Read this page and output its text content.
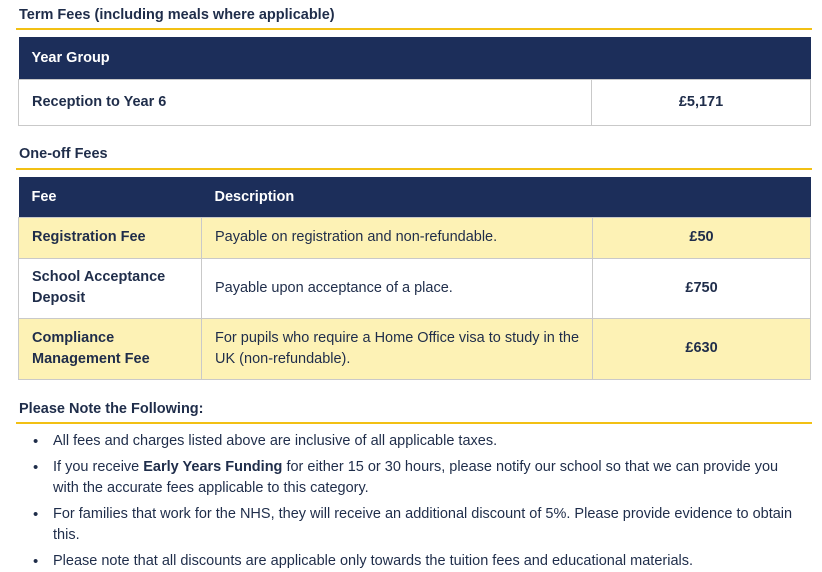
Term Fees (including meals where applicable)
Year Group
Reception to Year 6	£5,171
One-off Fees
Fee	Description	
Registration Fee	Payable on registration and non-refundable.	£50
School Acceptance Deposit	Payable upon acceptance of a place.	£750
Compliance Management Fee	For pupils who require a Home Office visa to study in the UK (non-refundable).	£630
Please Note the Following:
• All fees and charges listed above are inclusive of all applicable taxes.
• If you receive Early Years Funding for either 15 or 30 hours, please notify our school so that we can provide you with the accurate fees applicable to this category.
• For families that work for the NHS, they will receive an additional discount of 5%. Please provide evidence to obtain this.
• Please note that all discounts are applicable only towards the tuition fees and educational materials.
